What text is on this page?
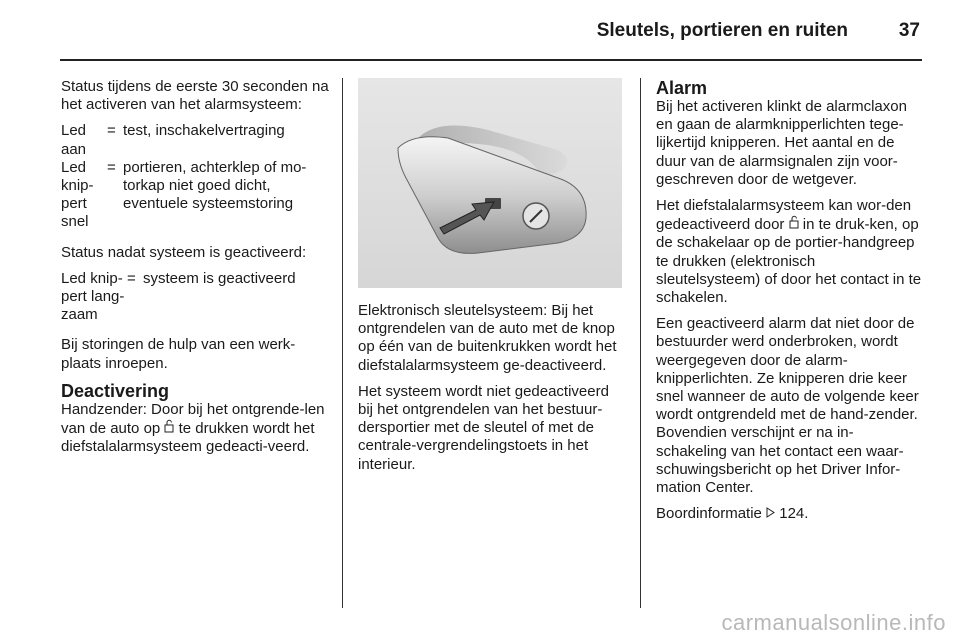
Sleutels, portieren en ruiten	37

Status tijdens de eerste 30 seconden na het activeren van het alarmsysteem:

Led aan
= test, inschakelvertraging
Led knip-pert snel
= portieren, achterklep of mo-torkap niet goed dicht, eventuele systeemstoring

Status nadat systeem is geactiveerd:

Led knip-pert lang-zaam
= systeem is geactiveerd

Bij storingen de hulp van een werk-plaats inroepen.

Deactivering

Handzender: Door bij het ontgrende-len van de auto op te drukken wordt het diefstalalarmsysteem gedeacti-veerd.

Elektronisch sleutelsysteem: Bij het ontgrendelen van de auto met de knop op één van de buitenkrukken wordt het diefstalalarmsysteem ge-deactiveerd.

Het systeem wordt niet gedeactiveerd bij het ontgrendelen van het bestuur-dersportier met de sleutel of met de centrale-vergrendelingstoets in het interieur.

Alarm

Bij het activeren klinkt de alarmclaxon en gaan de alarmknipperlichten tege-lijkertijd knipperen. Het aantal en de duur van de alarmsignalen zijn voor-geschreven door de wetgever.

Het diefstalalarmsysteem kan wor-den gedeactiveerd door in te druk-ken, op de schakelaar op de portier-handgreep te drukken (elektronisch sleutelsysteem) of door het contact in te schakelen.

Een geactiveerd alarm dat niet door de bestuurder werd onderbroken, wordt weergegeven door de alarm-knipperlichten. Ze knipperen drie keer snel wanneer de auto de volgende keer wordt ontgrendeld met de hand-zender. Bovendien verschijnt er na in-schakeling van het contact een waar-schuwingsbericht op het Driver Infor-mation Center.

Boordinformatie 124.

carmanualsonline.info
